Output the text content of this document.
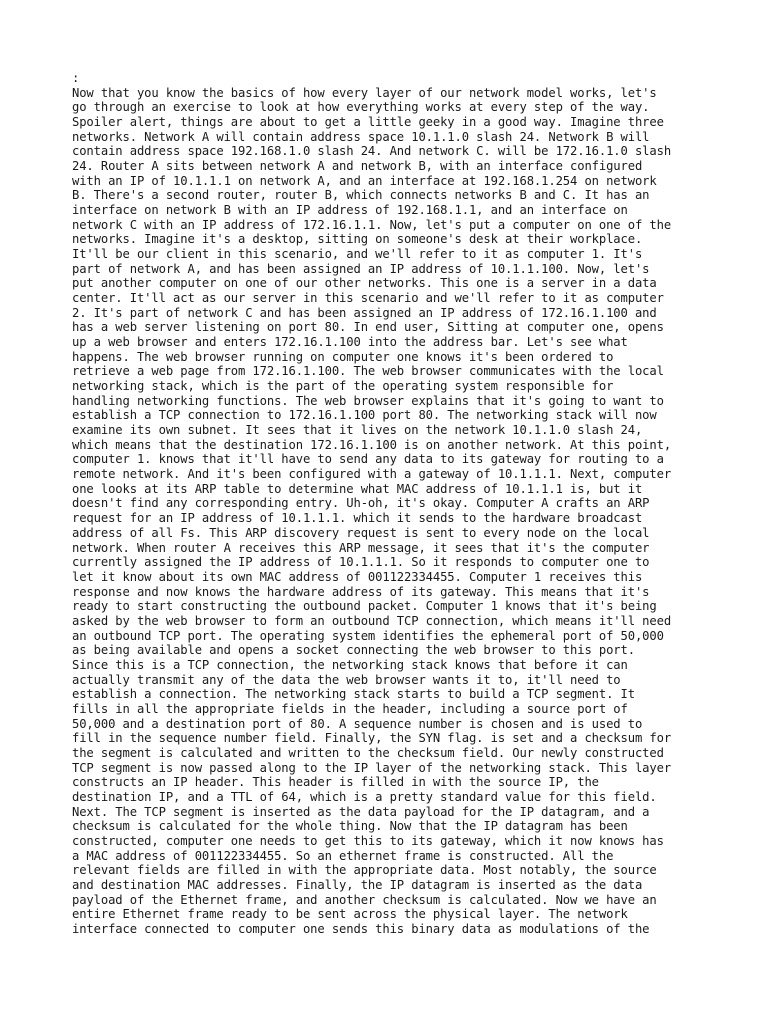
:
Now that you know the basics of how every layer of our network model works, let's
go through an exercise to look at how everything works at every step of the way.
Spoiler alert, things are about to get a little geeky in a good way. Imagine three
networks. Network A will contain address space 10.1.1.0 slash 24. Network B will
contain address space 192.168.1.0 slash 24. And network C. will be 172.16.1.0 slash
24. Router A sits between network A and network B, with an interface configured
with an IP of 10.1.1.1 on network A, and an interface at 192.168.1.254 on network
B. There's a second router, router B, which connects networks B and C. It has an
interface on network B with an IP address of 192.168.1.1, and an interface on
network C with an IP address of 172.16.1.1. Now, let's put a computer on one of the
networks. Imagine it's a desktop, sitting on someone's desk at their workplace.
It'll be our client in this scenario, and we'll refer to it as computer 1. It's
part of network A, and has been assigned an IP address of 10.1.1.100. Now, let's
put another computer on one of our other networks. This one is a server in a data
center. It'll act as our server in this scenario and we'll refer to it as computer
2. It's part of network C and has been assigned an IP address of 172.16.1.100 and
has a web server listening on port 80. In end user, Sitting at computer one, opens
up a web browser and enters 172.16.1.100 into the address bar. Let's see what
happens. The web browser running on computer one knows it's been ordered to
retrieve a web page from 172.16.1.100. The web browser communicates with the local
networking stack, which is the part of the operating system responsible for
handling networking functions. The web browser explains that it's going to want to
establish a TCP connection to 172.16.1.100 port 80. The networking stack will now
examine its own subnet. It sees that it lives on the network 10.1.1.0 slash 24,
which means that the destination 172.16.1.100 is on another network. At this point,
computer 1. knows that it'll have to send any data to its gateway for routing to a
remote network. And it's been configured with a gateway of 10.1.1.1. Next, computer
one looks at its ARP table to determine what MAC address of 10.1.1.1 is, but it
doesn't find any corresponding entry. Uh-oh, it's okay. Computer A crafts an ARP
request for an IP address of 10.1.1.1. which it sends to the hardware broadcast
address of all Fs. This ARP discovery request is sent to every node on the local
network. When router A receives this ARP message, it sees that it's the computer
currently assigned the IP address of 10.1.1.1. So it responds to computer one to
let it know about its own MAC address of 001122334455. Computer 1 receives this
response and now knows the hardware address of its gateway. This means that it's
ready to start constructing the outbound packet. Computer 1 knows that it's being
asked by the web browser to form an outbound TCP connection, which means it'll need
an outbound TCP port. The operating system identifies the ephemeral port of 50,000
as being available and opens a socket connecting the web browser to this port.
Since this is a TCP connection, the networking stack knows that before it can
actually transmit any of the data the web browser wants it to, it'll need to
establish a connection. The networking stack starts to build a TCP segment. It
fills in all the appropriate fields in the header, including a source port of
50,000 and a destination port of 80. A sequence number is chosen and is used to
fill in the sequence number field. Finally, the SYN flag. is set and a checksum for
the segment is calculated and written to the checksum field. Our newly constructed
TCP segment is now passed along to the IP layer of the networking stack. This layer
constructs an IP header. This header is filled in with the source IP, the
destination IP, and a TTL of 64, which is a pretty standard value for this field.
Next. The TCP segment is inserted as the data payload for the IP datagram, and a
checksum is calculated for the whole thing. Now that the IP datagram has been
constructed, computer one needs to get this to its gateway, which it now knows has
a MAC address of 001122334455. So an ethernet frame is constructed. All the
relevant fields are filled in with the appropriate data. Most notably, the source
and destination MAC addresses. Finally, the IP datagram is inserted as the data
payload of the Ethernet frame, and another checksum is calculated. Now we have an
entire Ethernet frame ready to be sent across the physical layer. The network
interface connected to computer one sends this binary data as modulations of the
